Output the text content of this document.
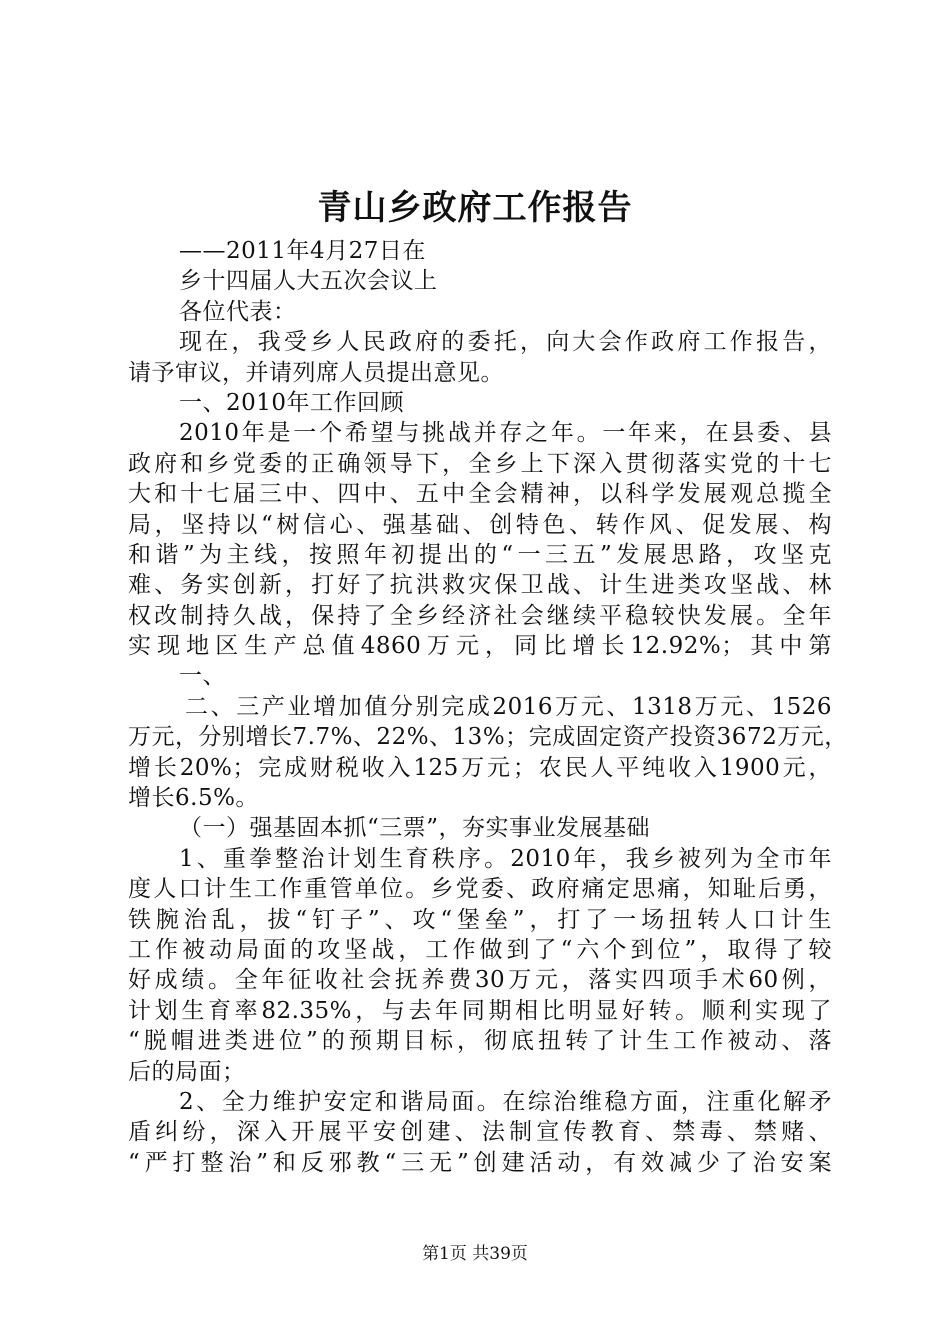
青山乡政府工作报告
——2011年4月27日在
乡十四届人大五次会议上
各位代表：
现在，我受乡人民政府的委托，向大会作政府工作报告，
请予审议，并请列席人员提出意见。
一、2010年工作回顾
2010年是一个希望与挑战并存之年。一年来，在县委、县
政府和乡党委的正确领导下，全乡上下深入贯彻落实党的十七
大和十七届三中、四中、五中全会精神，以科学发展观总揽全
局，坚持以“树信心、强基础、创特色、转作风、促发展、构
和谐”为主线，按照年初提出的“一三五”发展思路，攻坚克
难、务实创新，打好了抗洪救灾保卫战、计生进类攻坚战、林
权改制持久战，保持了全乡经济社会继续平稳较快发展。全年
实现地区生产总值4860万元，同比增长12.92%；其中第
一、
二、三产业增加值分别完成2016万元、1318万元、1526
万元，分别增长7.7%、22%、13%；完成固定资产投资3672万元，
增长20%；完成财税收入125万元；农民人平纯收入1900元，
增长6.5%。
（一）强基固本抓“三票”，夯实事业发展基础
1、重拳整治计划生育秩序。2010年，我乡被列为全市年
度人口计生工作重管单位。乡党委、政府痛定思痛，知耻后勇，
铁腕治乱，拔“钉子”、攻“堡垒”，打了一场扭转人口计生
工作被动局面的攻坚战，工作做到了“六个到位”，取得了较
好成绩。全年征收社会抚养费30万元，落实四项手术60例，
计划生育率82.35%，与去年同期相比明显好转。顺利实现了
“脱帽进类进位”的预期目标，彻底扭转了计生工作被动、落
后的局面；
2、全力维护安定和谐局面。在综治维稳方面，注重化解矛
盾纠纷，深入开展平安创建、法制宣传教育、禁毒、禁赌、
“严打整治”和反邪教“三无”创建活动，有效减少了治安案
第1页 共39页
